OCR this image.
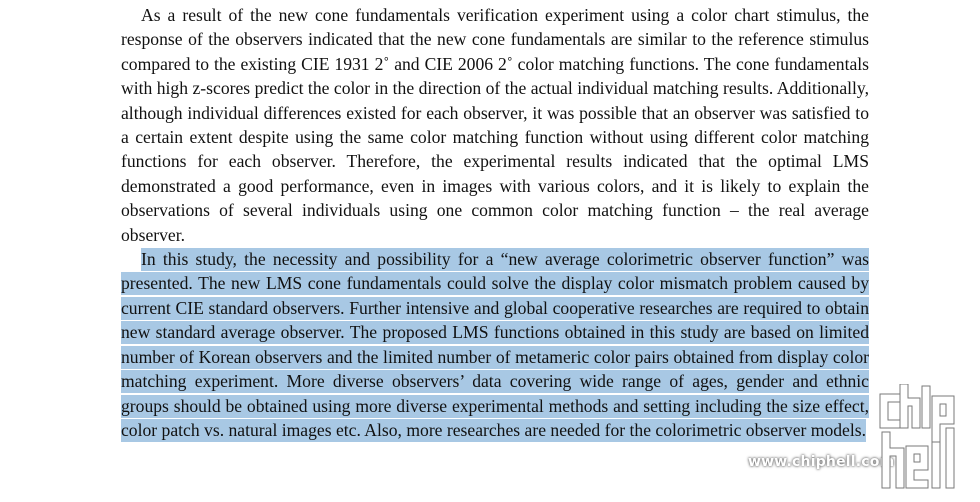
As a result of the new cone fundamentals verification experiment using a color chart stimulus, the response of the observers indicated that the new cone fundamentals are similar to the reference stimulus compared to the existing CIE 1931 2˚ and CIE 2006 2˚ color matching functions. The cone fundamentals with high z-scores predict the color in the direction of the actual individual matching results. Additionally, although individual differences existed for each observer, it was possible that an observer was satisfied to a certain extent despite using the same color matching function without using different color matching functions for each observer. Therefore, the experimental results indicated that the optimal LMS demonstrated a good performance, even in images with various colors, and it is likely to explain the observations of several individuals using one common color matching function – the real average observer.

In this study, the necessity and possibility for a “new average colorimetric observer function” was presented. The new LMS cone fundamentals could solve the display color mismatch problem caused by current CIE standard observers. Further intensive and global cooperative researches are required to obtain new standard average observer. The proposed LMS functions obtained in this study are based on limited number of Korean observers and the limited number of metameric color pairs obtained from display color matching experiment. More diverse observers’ data covering wide range of ages, gender and ethnic groups should be obtained using more diverse experimental methods and setting including the size effect, color patch vs. natural images etc. Also, more researches are needed for the colorimetric observer models.

www.chiphell.com
